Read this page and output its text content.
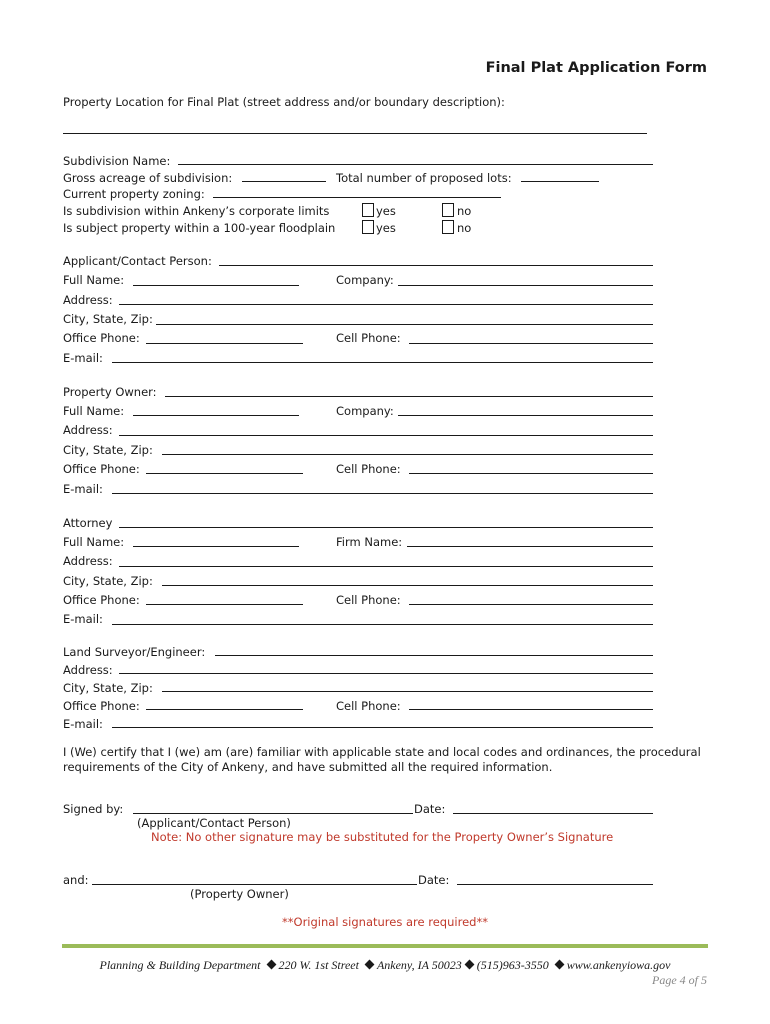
Final Plat Application Form
Property Location for Final Plat (street address and/or boundary description):
Subdivision Name:
Gross acreage of subdivision:	Total number of proposed lots:
Current property zoning:
Is subdivision within Ankeny’s corporate limits	yes	no
Is subject property within a 100-year floodplain	yes	no
Applicant/Contact Person:
Full Name:	Company:
Address:
City, State, Zip:
Office Phone:	Cell Phone:
E-mail:
Property Owner:
Full Name:	Company:
Address:
City, State, Zip:
Office Phone:	Cell Phone:
E-mail:
Attorney
Full Name:	Firm Name:
Address:
City, State, Zip:
Office Phone:	Cell Phone:
E-mail:
Land Surveyor/Engineer:
Address:
City, State, Zip:
Office Phone:	Cell Phone:
E-mail:
I (We) certify that I (we) am (are) familiar with applicable state and local codes and ordinances, the procedural
requirements of the City of Ankeny, and have submitted all the required information.
Signed by:	Date:
(Applicant/Contact Person)
Note: No other signature may be substituted for the Property Owner’s Signature
and:	Date:
(Property Owner)
**Original signatures are required**
Planning & Building Department 220 W. 1st Street Ankeny, IA 50023 (515)963-3550 www.ankenyiowa.gov
Page 4 of 5
